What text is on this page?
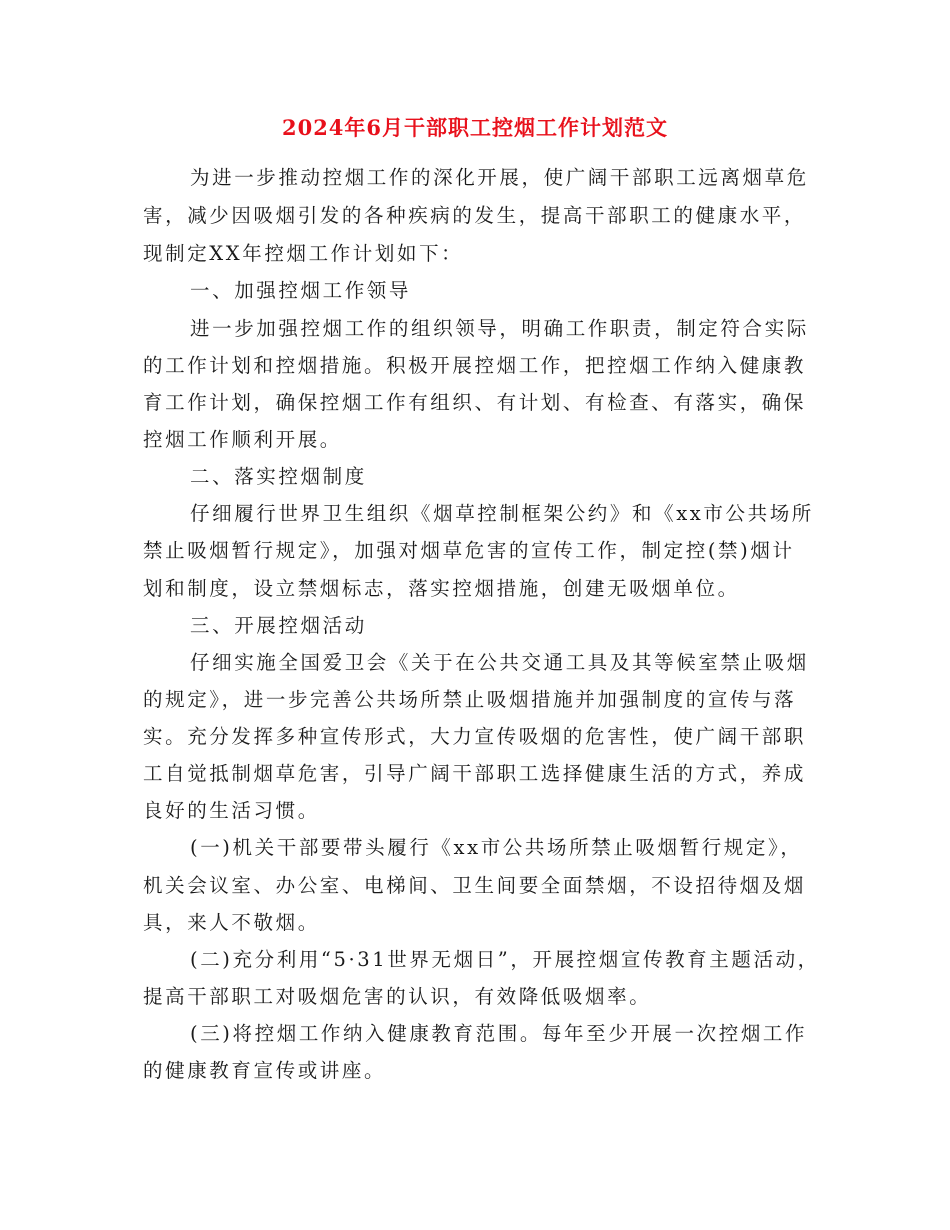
2024年6月干部职工控烟工作计划范文
为进一步推动控烟工作的深化开展，使广阔干部职工远离烟草危
害，减少因吸烟引发的各种疾病的发生，提高干部职工的健康水平，
现制定XX年控烟工作计划如下：
一、加强控烟工作领导
进一步加强控烟工作的组织领导，明确工作职责，制定符合实际
的工作计划和控烟措施。积极开展控烟工作，把控烟工作纳入健康教
育工作计划，确保控烟工作有组织、有计划、有检查、有落实，确保
控烟工作顺利开展。
二、落实控烟制度
仔细履行世界卫生组织《烟草控制框架公约》和《xx市公共场所
禁止吸烟暂行规定》，加强对烟草危害的宣传工作，制定控(禁)烟计
划和制度，设立禁烟标志，落实控烟措施，创建无吸烟单位。
三、开展控烟活动
仔细实施全国爱卫会《关于在公共交通工具及其等候室禁止吸烟
的规定》，进一步完善公共场所禁止吸烟措施并加强制度的宣传与落
实。充分发挥多种宣传形式，大力宣传吸烟的危害性，使广阔干部职
工自觉抵制烟草危害，引导广阔干部职工选择健康生活的方式，养成
良好的生活习惯。
(一)机关干部要带头履行《xx市公共场所禁止吸烟暂行规定》，
机关会议室、办公室、电梯间、卫生间要全面禁烟，不设招待烟及烟
具，来人不敬烟。
(二)充分利用“5·31世界无烟日”，开展控烟宣传教育主题活动，
提高干部职工对吸烟危害的认识，有效降低吸烟率。
(三)将控烟工作纳入健康教育范围。每年至少开展一次控烟工作
的健康教育宣传或讲座。
